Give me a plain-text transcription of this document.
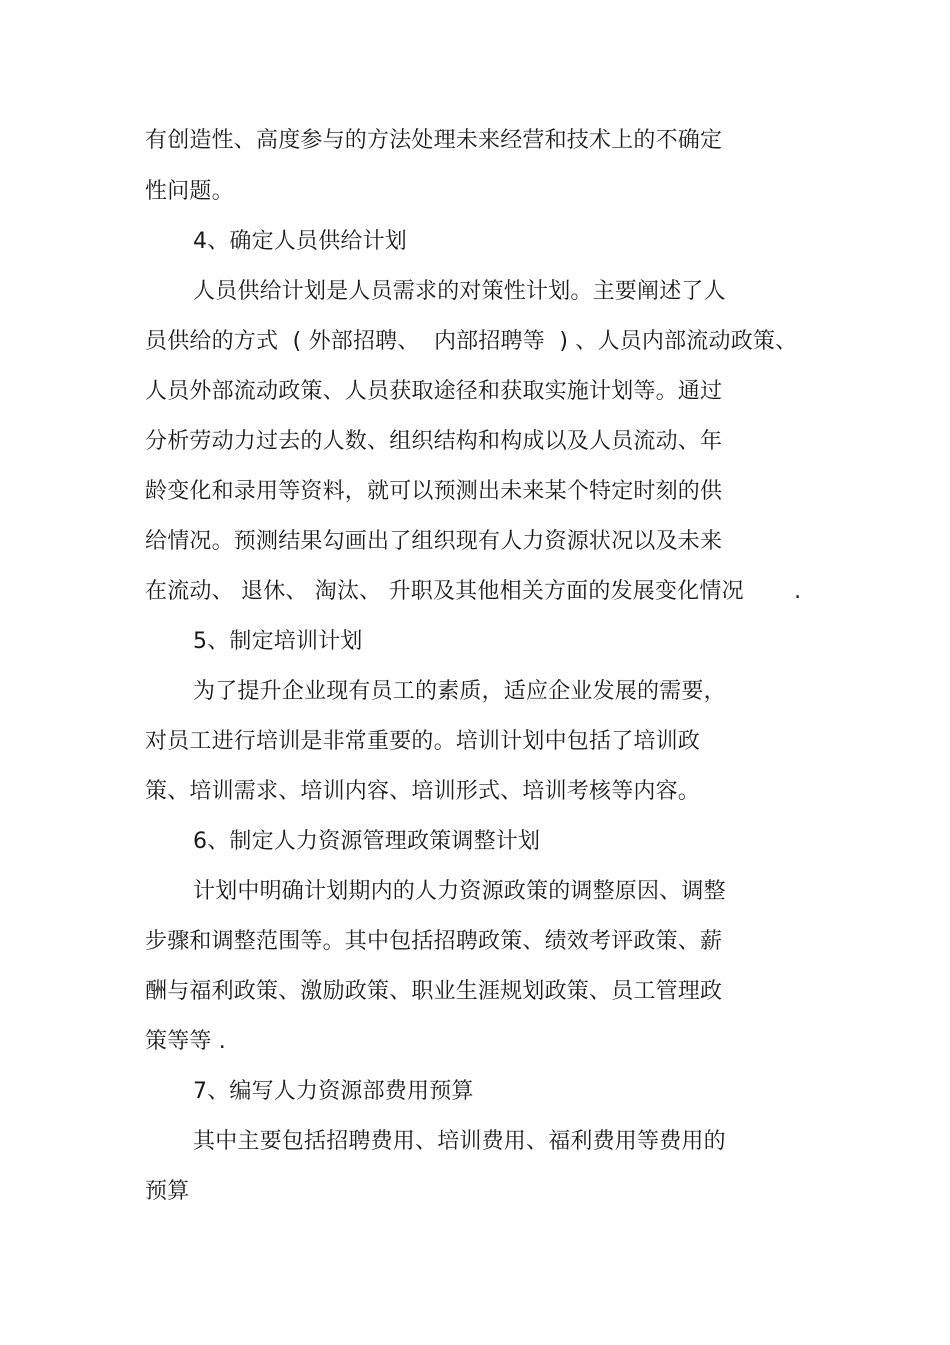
有创造性、高度参与的方法处理未来经营和技术上的不确定
性问题。
4、确定人员供给计划
人员供给计划是人员需求的对策性计划。主要阐述了人
员供给的方式  ( 外部招聘、  内部招聘等  ) 、人员内部流动政策、
人员外部流动政策、人员获取途径和获取实施计划等。通过
分析劳动力过去的人数、组织结构和构成以及人员流动、年
龄变化和录用等资料，就可以预测出未来某个特定时刻的供
给情况。预测结果勾画出了组织现有人力资源状况以及未来
在流动、 退休、 淘汰、 升职及其他相关方面的发展变化情况       .
5、制定培训计划
为了提升企业现有员工的素质，适应企业发展的需要，
对员工进行培训是非常重要的。培训计划中包括了培训政
策、培训需求、培训内容、培训形式、培训考核等内容。
6、制定人力资源管理政策调整计划
计划中明确计划期内的人力资源政策的调整原因、调整
步骤和调整范围等。其中包括招聘政策、绩效考评政策、薪
酬与福利政策、激励政策、职业生涯规划政策、员工管理政
策等等 .
7、编写人力资源部费用预算
其中主要包括招聘费用、培训费用、福利费用等费用的
预算
